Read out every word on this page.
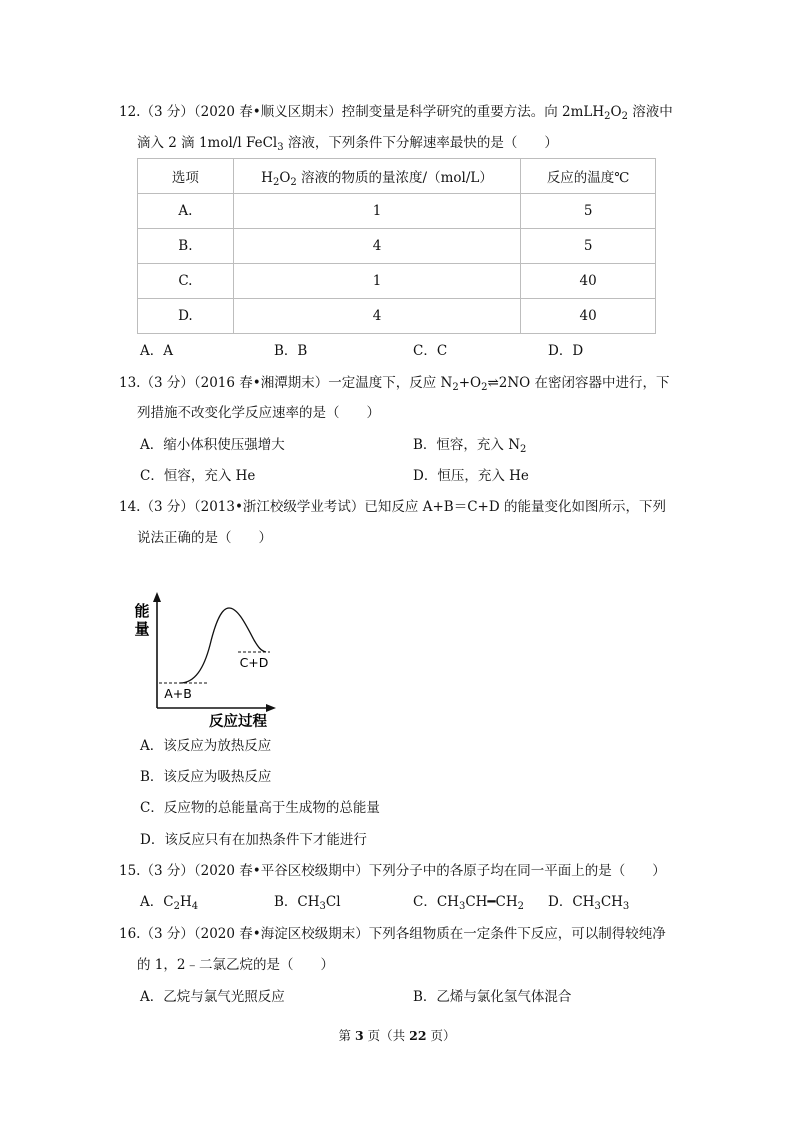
12.（3 分）（2020 春•顺义区期末）控制变量是科学研究的重要方法。向 $2mLH_2O_2$ 溶液中
滴入 2 滴 1mol/l FeCl$_3$ 溶液，下列条件下分解速率最快的是（　　）
选项	$H_2O_2$ 溶液的物质的量浓度/（mol/L）	反应的温度℃
A.	1	5
B.	4	5
C.	1	40
D.	4	40
A．A	B．B	C．C	D．D
13.（3 分）（2016 春•湘潭期末）一定温度下，反应 $N_2+O_2\rightleftharpoons 2NO$ 在密闭容器中进行，下
列措施不改变化学反应速率的是（　　）
A．缩小体积使压强增大	B．恒容，充入 $N_2$
C．恒容，充入 He	D．恒压，充入 He
14.（3 分）（2013•浙江校级学业考试）已知反应 A+B＝C+D 的能量变化如图所示，下列
说法正确的是（　　）
能
量
A+B
C+D
反应过程
A．该反应为放热反应
B．该反应为吸热反应
C．反应物的总能量高于生成物的总能量
D．该反应只有在加热条件下才能进行
15.（3 分）（2020 春•平谷区校级期中）下列分子中的各原子均在同一平面上的是（　　）
A．$C_2H_4$	B．$CH_3Cl$	C．$CH_3CH━CH_2$ D．$CH_3CH_3$
16.（3 分）（2020 春•海淀区校级期末）下列各组物质在一定条件下反应，可以制得较纯净
的 1，2﹣二氯乙烷的是（　　）
A．乙烷与氯气光照反应	B．乙烯与氯化氢气体混合
第 3 页（共 22 页）
